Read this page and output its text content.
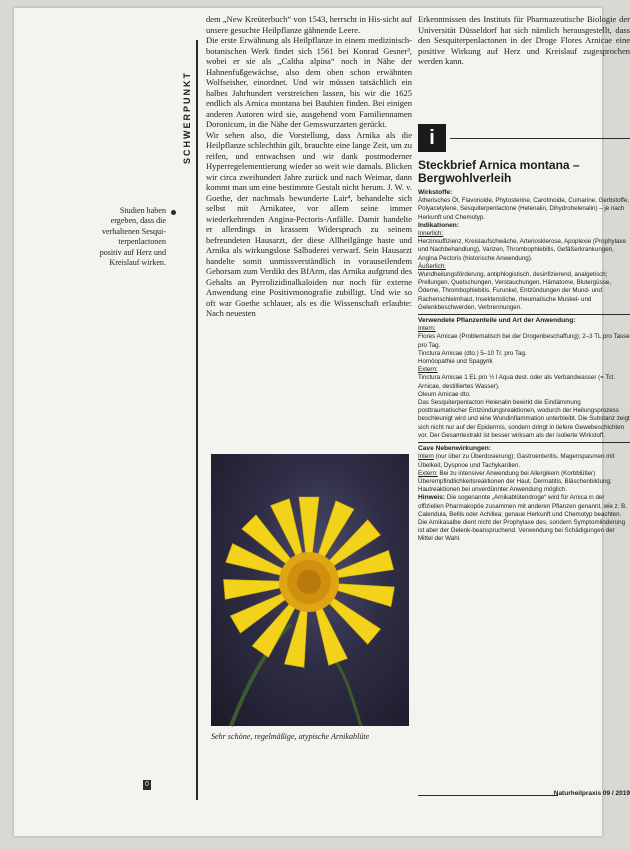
SCHWERPUNKT
Studien haben ergeben, dass die verhaltenen Sesqui-terpenlactonen positiv auf Herz und Kreislauf wirken.

dem „New Kreüterbuch“ von 1543, herrscht in His-sicht auf unsere gesuchte Heilpflanze gähnende Leere.

Die erste Erwähnung als Heilpflanze in einem medizinisch-botanischen Werk findet sich 1561 bei Konrad Gesner³, wobei er sie als „Caltha alpina“ noch in Nähe der Hahnenfußgewächse, also dem oben schon erwähnten Wolfseisher, einordnet. Und wir müssen tatsächlich ein halbes Jahrhundert verstreichen lassen, bis wir die 1625 endlich als Arnica montana bei Bauhien finden. Bei einigen anderen Autoren wird sie, ausgehend vom Familiennamen Doronicum, in die Nähe der Gemswurzarten gerückt.

Wir sehen also, die Vorstellung, dass Arnika als die Heilpflanze schlechthin gilt, brauchte eine lange Zeit, um zu reifen, und entwachsen und wir dank postmoderner Hyperregelementierung wieder so weit wie damals. Blicken wir circa zweihundert Jahre zurück und nach Weimar, dann kommt man um eine bestimmte Gestalt nicht herum. J. W. v. Goethe, der nachmals bewunderte Lair⁴, behandelte sich selbst mit Arnikatee, vor allem seine immer wiederkehrenden Angina-Pectoris-Anfälle. Damit handelte er allerdings in krassem Widerspruch zu seinem befreundeten Hausarzt, der diese Allheilgänge haste und Arnika als wirkungslose Salbaderei verwarf. Sein Hausarzt handelte somit unmissverständlich in vorauseilendem Gehorsam zum Verdikt des BfArm, das Arnika aufgrund des Gehalts an Pyrrolizidinalkaloiden nur noch für externe Anwendung eine Positivmonografie zubilligt. Und wie so oft war Goethe schlauer, als es die Wissenschaft erlaubte: Nach neuesten

Sehr schöne, regelmäßige, atypische Arnikablüte
0

Erkenntnissen des Instituts für Pharmazeutische Biologie der Universität Düsseldorf hat sich nämlich herausgestellt, dass den Sesquiterpenlactonen in der Droge Flores Arnicae eine positive Wirkung auf Herz und Kreislauf zugesprochen werden kann.

i
Steckbrief Arnica montana –
Bergwohlverleih

Wirkstoffe:
Ätherisches Öl, Flavonoide, Phytosterine, Carotinoide, Cumarine, Gerbstoffe, Polyacetylene, Sesquiterpenlactone (Helenalin, Dihydrohelenalin) – je nach Herkunft und Chemotyp.

Indikationen:

Innerlich:
Herzinsuffizienz, Kreislaufschwäche, Arteriosklerose, Apoplexie (Prophylaxe und Nachbehandlung), Varizen, Thrombophlebitis, Gefäßerkrankungen, Angina Pectoris (historische Anwendung).

Äußerlich:
Wundheilungsförderung, antiphlogistisch, desinfizierend, analgetisch; Prellungen, Quetschungen, Verstauchungen, Hämatome, Blutergüsse, Ödeme, Thrombophlebitis, Furunkel, Entzündungen der Mund- und Rachenschleimhaut, Insektenstiche, rheumatische Muskel- und Gelenkbeschwerden, Verbrennungen.

Verwendete Pflanzenteile und Art der Anwendung:

Intern:
Flores Arnicae (Problematisch bei der Drogenbeschaffung); 2–3 TL pro Tasse pro Tag.
Tinctura Arnicae (dto.) 5–10 Tr. pro Tag.
Homöopathie und Spagyrik

Extern:
Tinctura Arnicae 1 EL pro ½ l Aqua dest. oder als Verbandwasser (= Tct. Arnicae, destilliertes Wasser).
Oleum Arnicae dto.

Das Sesquiterpenlacton Helenalin bewirkt die Eindämmung posttraumatischer Entzündungsreaktionen, wodurch der Heilungsprozess beschleunigt wird und eine Wundinflammation unterbleibt. Die Substanz zeigt sich nicht nur auf der Epidermis, sondern dringt in tiefere Gewebeschichten vor. Der Gesamtextrakt ist besser wirksam als der isolierte Wirkstoff.

Cave Nebenwirkungen:

Intern (nur über zu Überdosierung): Gastroenteritis, Magenspasmen mit Übelkeit, Dyspnoe und Tachykardien.

Extern: Bei zu intensiver Anwendung bei Allergikern (Korbblütler) Überempfindlichkeitsreaktionen der Haut, Dermatitis, Bläschenbildung; Hautreaktionen bei unverdünnter Anwendung möglich.

Hinweis: Die sogenannte „Arnikablütendroge“ wird für Arnica in der offiziellen Pharmakopöe zusammen mit anderen Pflanzen genannt, wie z. B. Calendula, Bellis oder Achillea; genaue Herkunft und Chemotyp beachten.

Die Arnikasalbe dient nicht der Prophylaxe des, sondern Symptomlinderung ist aber der Gelenk-beanspruchend. Verwendung bei Schädigungen der Mittel der Wahl.

Naturheilpraxis 09 / 2019
